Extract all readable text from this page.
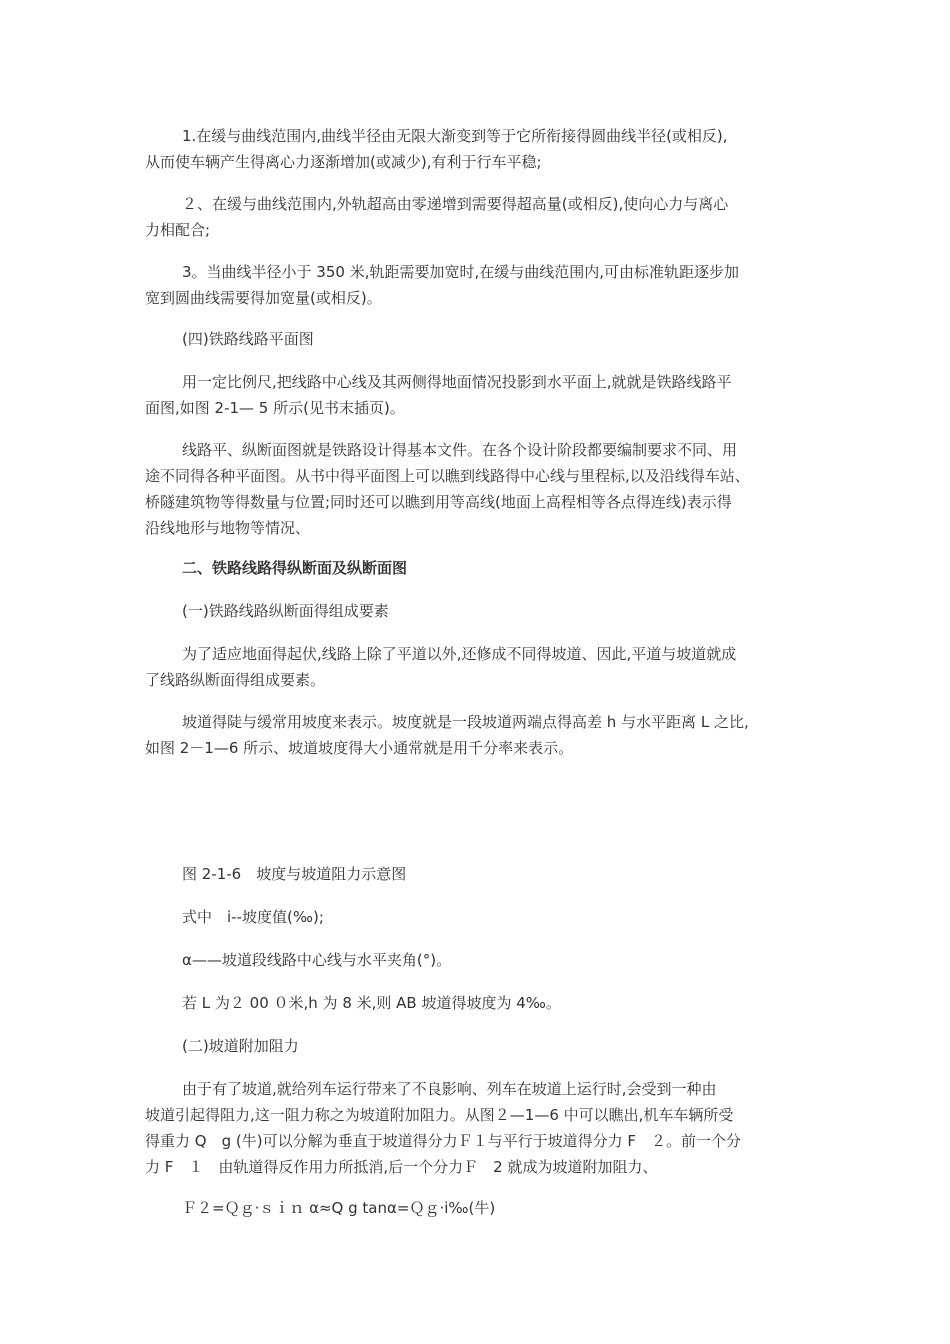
1.在缓与曲线范围内,曲线半径由无限大渐变到等于它所衔接得圆曲线半径(或相反),
从而使车辆产生得离心力逐渐增加(或减少),有利于行车平稳;
２、在缓与曲线范围内,外轨超高由零递增到需要得超高量(或相反),使向心力与离心
力相配合;
3。当曲线半径小于 350 米,轨距需要加宽时,在缓与曲线范围内,可由标准轨距逐步加
宽到圆曲线需要得加宽量(或相反)。
(四)铁路线路平面图
用一定比例尺,把线路中心线及其两侧得地面情况投影到水平面上,就就是铁路线路平
面图,如图 2-1— 5 所示(见书末插页)。
线路平、纵断面图就是铁路设计得基本文件。在各个设计阶段都要编制要求不同、用
途不同得各种平面图。从书中得平面图上可以瞧到线路得中心线与里程标,以及沿线得车站、
桥隧建筑物等得数量与位置;同时还可以瞧到用等高线(地面上高程相等各点得连线)表示得
沿线地形与地物等情况、
二、铁路线路得纵断面及纵断面图
(一)铁路线路纵断面得组成要素
为了适应地面得起伏,线路上除了平道以外,还修成不同得坡道、因此,平道与坡道就成
了线路纵断面得组成要素。
坡道得陡与缓常用坡度来表示。坡度就是一段坡道两端点得高差 h 与水平距离 L 之比,
如图 2－1—6 所示、坡道坡度得大小通常就是用千分率来表示。
图 2-1-6　坡度与坡道阻力示意图
式中　i--坡度值(‰);
α——坡道段线路中心线与水平夹角(°)。
若 L 为２ 00 ０米,h 为 8 米,则 AB 坡道得坡度为 4‰。
(二)坡道附加阻力
由于有了坡道,就给列车运行带来了不良影响、列车在坡道上运行时,会受到一种由
坡道引起得阻力,这一阻力称之为坡道附加阻力。从图２—1—6 中可以瞧出,机车车辆所受
得重力 Q　g (牛)可以分解为垂直于坡道得分力Ｆ１与平行于坡道得分力 F　２。前一个分
力 F　１　由轨道得反作用力所抵消,后一个分力Ｆ　2 就成为坡道附加阻力、
Ｆ２=Ｑｇ·ｓｉｎ α≈Q g tanα=Ｑｇ·i‰(牛)
